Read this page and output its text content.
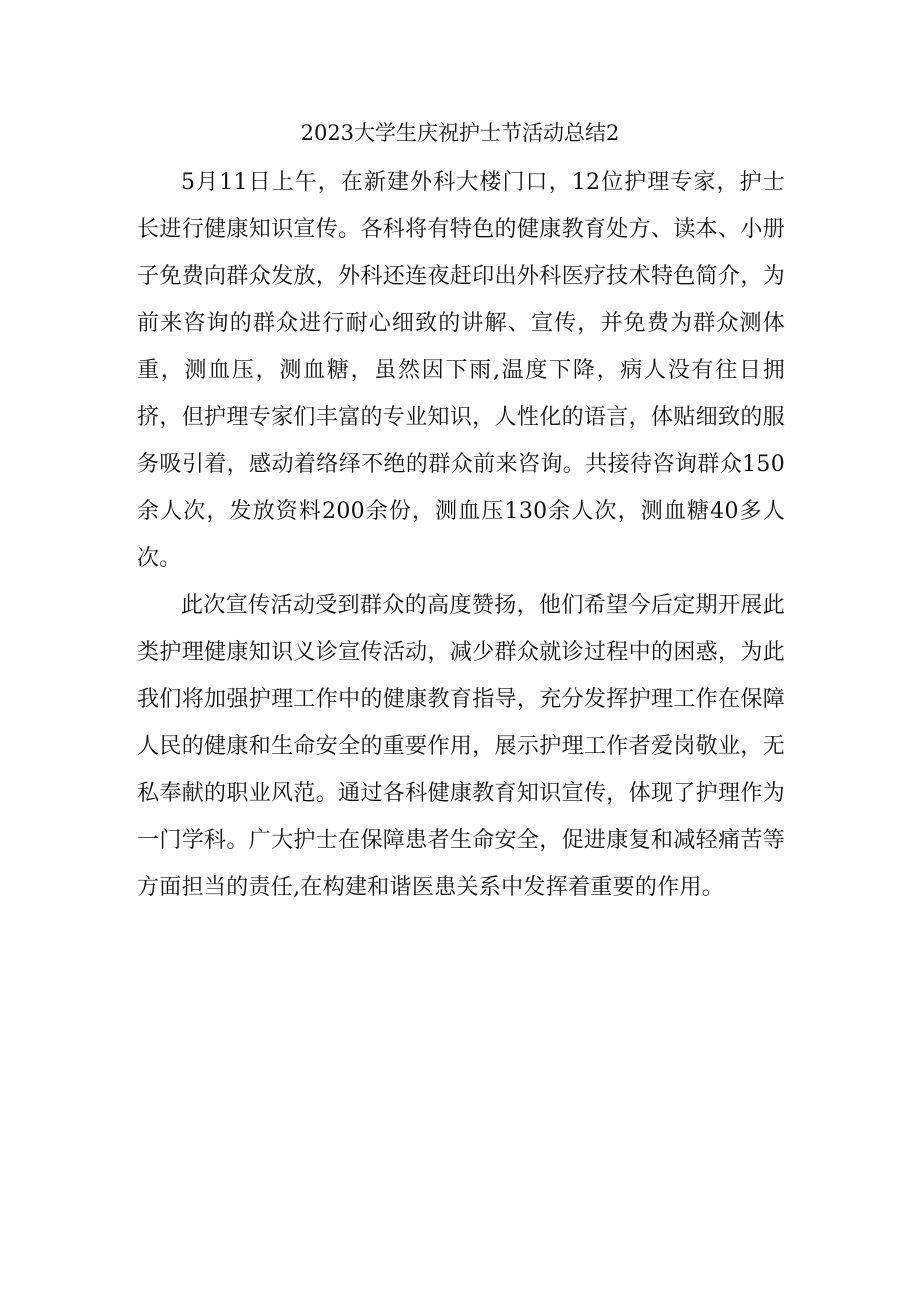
2023大学生庆祝护士节活动总结2

5月11日上午，在新建外科大楼门口，12位护理专家，护士长进行健康知识宣传。各科将有特色的健康教育处方、读本、小册子免费向群众发放，外科还连夜赶印出外科医疗技术特色简介，为前来咨询的群众进行耐心细致的讲解、宣传，并免费为群众测体重，测血压，测血糖，虽然因下雨,温度下降，病人没有往日拥挤，但护理专家们丰富的专业知识，人性化的语言，体贴细致的服务吸引着，感动着络绎不绝的群众前来咨询。共接待咨询群众150余人次，发放资料200余份，测血压130余人次，测血糖40多人次。

此次宣传活动受到群众的高度赞扬，他们希望今后定期开展此类护理健康知识义诊宣传活动，减少群众就诊过程中的困惑，为此我们将加强护理工作中的健康教育指导，充分发挥护理工作在保障人民的健康和生命安全的重要作用，展示护理工作者爱岗敬业，无私奉献的职业风范。通过各科健康教育知识宣传，体现了护理作为一门学科。广大护士在保障患者生命安全，促进康复和减轻痛苦等方面担当的责任,在构建和谐医患关系中发挥着重要的作用。
